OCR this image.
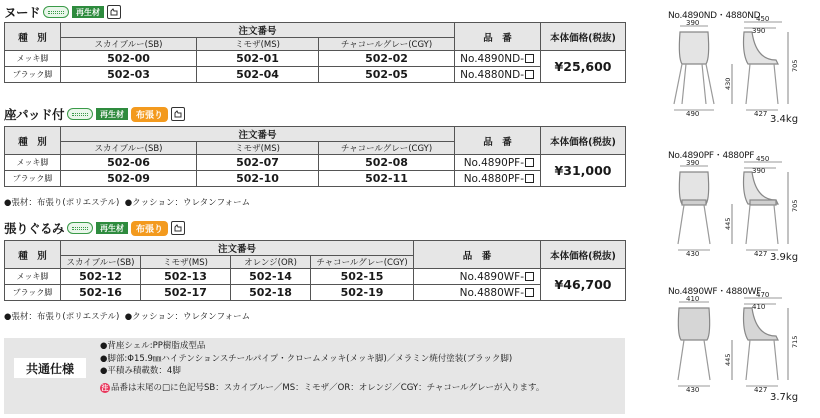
ヌード	再生材
種　別	注文番号			品　番	本体価格(税抜)
	スカイブルー(SB)	ミモザ(MS)	チャコールグレー(CGY)		
メッキ脚	502-00	502-01	502-02	No.4890ND-	¥25,600
ブラック脚	502-03	502-04	502-05	No.4880ND-	
座パッド付	再生材	布張り
種　別	注文番号			品　番	本体価格(税抜)
	スカイブルー(SB)	ミモザ(MS)	チャコールグレー(CGY)		
メッキ脚	502-06	502-07	502-08	No.4890PF-	¥31,000
ブラック脚	502-09	502-10	502-11	No.4880PF-	
●張材：布張り(ポリエステル) ●クッション：ウレタンフォーム
張りぐるみ	再生材	布張り
種　別	注文番号				品　番	本体価格(税抜)
	スカイブルー(SB)	ミモザ(MS)	オレンジ(OR)	チャコールグレー(CGY)		
メッキ脚	502-12	502-13	502-14	502-15	No.4890WF-	¥46,700
ブラック脚	502-16	502-17	502-18	502-19	No.4880WF-	
●張材：布張り(ポリエステル) ●クッション：ウレタンフォーム
共通仕様
●背座シェル:PP樹脂成型品
●脚部:Φ15.9㎜ハイテンションスチールパイプ・クロームメッキ(メッキ脚)／メラミン焼付塗装(ブラック脚)
●平積み積載数：4脚
注 品番は末尾の□に色記号SB：スカイブルー／MS：ミモザ／OR：オレンジ／CGY：チャコールグレーが入ります。
No.4890ND・4880ND
390
490
450
390
705
430
427 3.4kg
No.4890PF・4880PF
390
430
450
390
705
445
427 3.9kg
No.4890WF・4880WF
410
430
470
410
715
445
427
3.7kg
